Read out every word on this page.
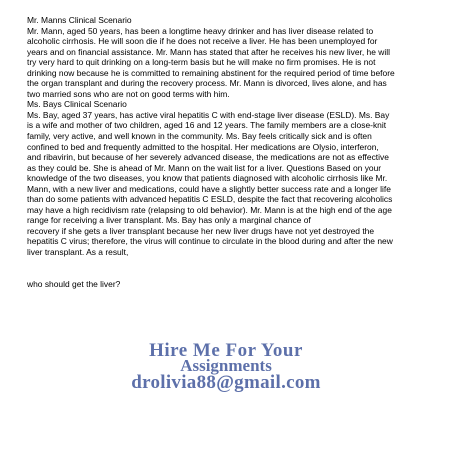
Mr. Manns Clinical Scenario

Mr. Mann, aged 50 years, has been a longtime heavy drinker and has liver disease related to

alcoholic cirrhosis. He will soon die if he does not receive a liver. He has been unemployed for

years and on financial assistance. Mr. Mann has stated that after he receives his new liver, he will

try very hard to quit drinking on a long-term basis but he will make no firm promises. He is not

drinking now because he is committed to remaining abstinent for the required period of time before

the organ transplant and during the recovery process. Mr. Mann is divorced, lives alone, and has

two married sons who are not on good terms with him.

Ms. Bays Clinical Scenario

Ms. Bay, aged 37 years, has active viral hepatitis C with end-stage liver disease (ESLD). Ms. Bay

is a wife and mother of two children, aged 16 and 12 years. The family members are a close-knit

family, very active, and well known in the community. Ms. Bay feels critically sick and is often

confined to bed and frequently admitted to the hospital. Her medications are Olysio, interferon,

and ribavirin, but because of her severely advanced disease, the medications are not as effective

as they could be. She is ahead of Mr. Mann on the wait list for a liver. Questions Based on your

knowledge of the two diseases, you know that patients diagnosed with alcoholic cirrhosis like Mr.

Mann, with a new liver and medications, could have a slightly better success rate and a longer life

than do some patients with advanced hepatitis C ESLD, despite the fact that recovering alcoholics

may have a high recidivism rate (relapsing to old behavior). Mr. Mann is at the high end of the age

range for receiving a liver transplant. Ms. Bay has only a marginal chance of

recovery if she gets a liver transplant because her new liver drugs have not yet destroyed the

hepatitis C virus; therefore, the virus will continue to circulate in the blood during and after the new

liver transplant. As a result,

who should get the liver?

Hire Me For Your
Assignments
drolivia88@gmail.com
